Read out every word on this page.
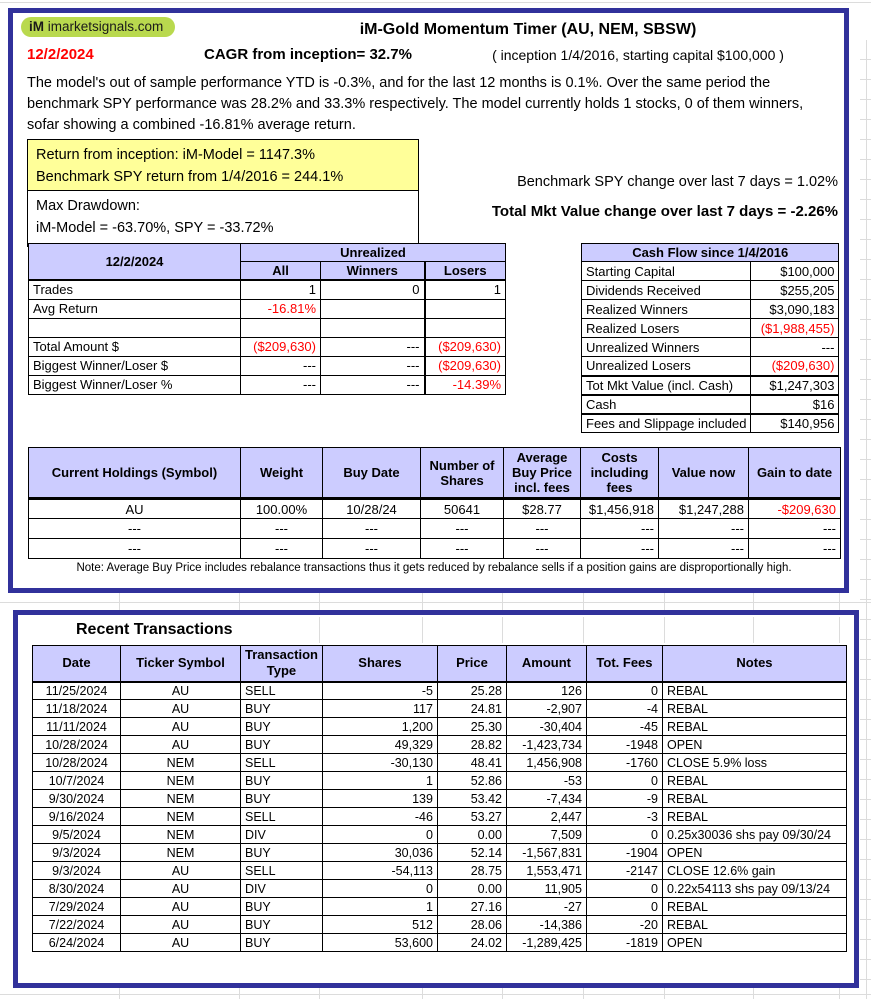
iM imarketsignals.com	iM-Gold Momentum Timer (AU, NEM, SBSW)
12/2/2024	CAGR from inception= 32.7%	( inception 1/4/2016, starting capital $100,000 )
The model's out of sample performance YTD is -0.3%, and for the last 12 months is 0.1%. Over the same period the benchmark SPY performance was 28.2% and 33.3% respectively. The model currently holds 1 stocks, 0 of them winners, sofar showing a combined -16.81% average return.
Return from inception: iM-Model = 1147.3%
Benchmark SPY return from 1/4/2016 = 244.1%
Max Drawdown:
iM-Model = -63.70%, SPY = -33.72%
Benchmark SPY change over last 7 days = 1.02%
Total Mkt Value change over last 7 days = -2.26%
12/2/2024	Unrealized		
	All	Winners	Losers
Trades	1	0	1
Avg Return	-16.81%		

Total Amount $	($209,630)	---	($209,630)
Biggest Winner/Loser $	---	---	($209,630)
Biggest Winner/Loser %	---	---	-14.39%
Cash Flow since 1/4/2016	
Starting Capital	$100,000
Dividends Received	$255,205
Realized Winners	$3,090,183
Realized Losers	($1,988,455)
Unrealized Winners	---
Unrealized Losers	($209,630)
Tot Mkt Value (incl. Cash)	$1,247,303
Cash	$16
Fees and Slippage included	$140,956
Current Holdings (Symbol)	Weight	Buy Date	Number of Shares	Average Buy Price incl. fees	Costs including fees	Value now	Gain to date
AU	100.00%	10/28/24	50641	$28.77	$1,456,918	$1,247,288	-$209,630
---	---	---	---	---	---	---	---
---	---	---	---	---	---	---	---
Note: Average Buy Price includes rebalance transactions thus it gets reduced by rebalance sells if a position gains are disproportionally high.
Recent Transactions
Date	Ticker Symbol	Transaction Type	Shares	Price	Amount	Tot. Fees	Notes
11/25/2024	AU	SELL	-5	25.28	126	0	REBAL
11/18/2024	AU	BUY	117	24.81	-2,907	-4	REBAL
11/11/2024	AU	BUY	1,200	25.30	-30,404	-45	REBAL
10/28/2024	AU	BUY	49,329	28.82	-1,423,734	-1948	OPEN
10/28/2024	NEM	SELL	-30,130	48.41	1,456,908	-1760	CLOSE 5.9% loss
10/7/2024	NEM	BUY	1	52.86	-53	0	REBAL
9/30/2024	NEM	BUY	139	53.42	-7,434	-9	REBAL
9/16/2024	NEM	SELL	-46	53.27	2,447	-3	REBAL
9/5/2024	NEM	DIV	0	0.00	7,509	0	0.25x30036 shs pay 09/30/24
9/3/2024	NEM	BUY	30,036	52.14	-1,567,831	-1904	OPEN
9/3/2024	AU	SELL	-54,113	28.75	1,553,471	-2147	CLOSE 12.6% gain
8/30/2024	AU	DIV	0	0.00	11,905	0	0.22x54113 shs pay 09/13/24
7/29/2024	AU	BUY	1	27.16	-27	0	REBAL
7/22/2024	AU	BUY	512	28.06	-14,386	-20	REBAL
6/24/2024	AU	BUY	53,600	24.02	-1,289,425	-1819	OPEN
